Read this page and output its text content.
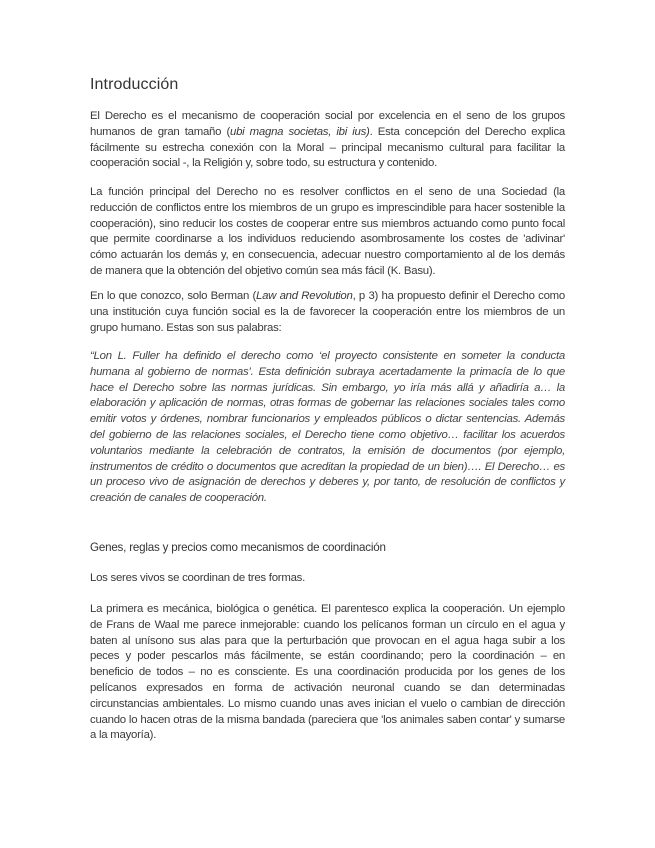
Introducción

El Derecho es el mecanismo de cooperación social por excelencia en el seno de los grupos humanos de gran tamaño (ubi magna societas, ibi ius). Esta concepción del Derecho explica fácilmente su estrecha conexión con la Moral – principal mecanismo cultural para facilitar la cooperación social -, la Religión y, sobre todo, su estructura y contenido.

La función principal del Derecho no es resolver conflictos en el seno de una Sociedad (la reducción de conflictos entre los miembros de un grupo es imprescindible para hacer sostenible la cooperación), sino reducir los costes de cooperar entre sus miembros actuando como punto focal que permite coordinarse a los individuos reduciendo asombrosamente los costes de 'adivinar' cómo actuarán los demás y, en consecuencia, adecuar nuestro comportamiento al de los demás de manera que la obtención del objetivo común sea más fácil (K. Basu).

En lo que conozco, solo Berman (Law and Revolution, p 3) ha propuesto definir el Derecho como una institución cuya función social es la de favorecer la cooperación entre los miembros de un grupo humano. Estas son sus palabras:

“Lon L. Fuller ha definido el derecho como ‘el proyecto consistente en someter la conducta humana al gobierno de normas’. Esta definición subraya acertadamente la primacía de lo que hace el Derecho sobre las normas jurídicas. Sin embargo, yo iría más allá y añadiría a… la elaboración y aplicación de normas, otras formas de gobernar las relaciones sociales tales como emitir votos y órdenes, nombrar funcionarios y empleados públicos o dictar sentencias. Además del gobierno de las relaciones sociales, el Derecho tiene como objetivo… facilitar los acuerdos voluntarios mediante la celebración de contratos, la emisión de documentos (por ejemplo, instrumentos de crédito o documentos que acreditan la propiedad de un bien)…. El Derecho… es un proceso vivo de asignación de derechos y deberes y, por tanto, de resolución de conflictos y creación de canales de cooperación.

Genes, reglas y precios como mecanismos de coordinación

Los seres vivos se coordinan de tres formas.

La primera es mecánica, biológica o genética. El parentesco explica la cooperación. Un ejemplo de Frans de Waal me parece inmejorable: cuando los pelícanos forman un círculo en el agua y baten al unísono sus alas para que la perturbación que provocan en el agua haga subir a los peces y poder pescarlos más fácilmente, se están coordinando; pero la coordinación – en beneficio de todos – no es consciente. Es una coordinación producida por los genes de los pelícanos expresados en forma de activación neuronal cuando se dan determinadas circunstancias ambientales. Lo mismo cuando unas aves inician el vuelo o cambian de dirección cuando lo hacen otras de la misma bandada (pareciera que 'los animales saben contar' y sumarse a la mayoría).
